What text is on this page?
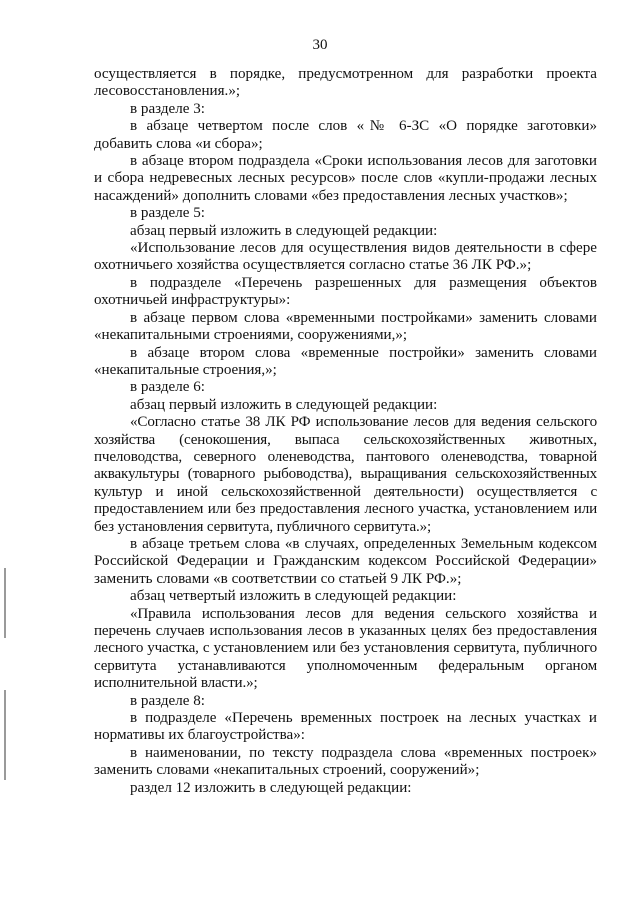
30

осуществляется в порядке, предусмотренном для разработки проекта лесовосстановления.»;

в разделе 3:

в абзаце четвертом после слов «№ 6-ЗС «О порядке заготовки» добавить слова «и сбора»;

в абзаце втором подраздела «Сроки использования лесов для заготовки и сбора недревесных лесных ресурсов» после слов «купли-продажи лесных насаждений» дополнить словами «без предоставления лесных участков»;

в разделе 5:

абзац первый изложить в следующей редакции:

«Использование лесов для осуществления видов деятельности в сфере охотничьего хозяйства осуществляется согласно статье 36 ЛК РФ.»;

в подразделе «Перечень разрешенных для размещения объектов охотничьей инфраструктуры»:

в абзаце первом слова «временными постройками» заменить словами «некапитальными строениями, сооружениями,»;

в абзаце втором слова «временные постройки» заменить словами «некапитальные строения,»;

в разделе 6:

абзац первый изложить в следующей редакции:

«Согласно статье 38 ЛК РФ использование лесов для ведения сельского хозяйства (сенокошения, выпаса сельскохозяйственных животных, пчеловодства, северного оленеводства, пантового оленеводства, товарной аквакультуры (товарного рыбоводства), выращивания сельскохозяйственных культур и иной сельскохозяйственной деятельности) осуществляется с предоставлением или без предоставления лесного участка, установлением или без установления сервитута, публичного сервитута.»;

в абзаце третьем слова «в случаях, определенных Земельным кодексом Российской Федерации и Гражданским кодексом Российской Федерации» заменить словами «в соответствии со статьей 9 ЛК РФ.»;

абзац четвертый изложить в следующей редакции:

«Правила использования лесов для ведения сельского хозяйства и перечень случаев использования лесов в указанных целях без предоставления лесного участка, с установлением или без установления сервитута, публичного сервитута устанавливаются уполномоченным федеральным органом исполнительной власти.»;

в разделе 8:

в подразделе «Перечень временных построек на лесных участках и нормативы их благоустройства»:

в наименовании, по тексту подраздела слова «временных построек» заменить словами «некапитальных строений, сооружений»;

раздел 12 изложить в следующей редакции:
